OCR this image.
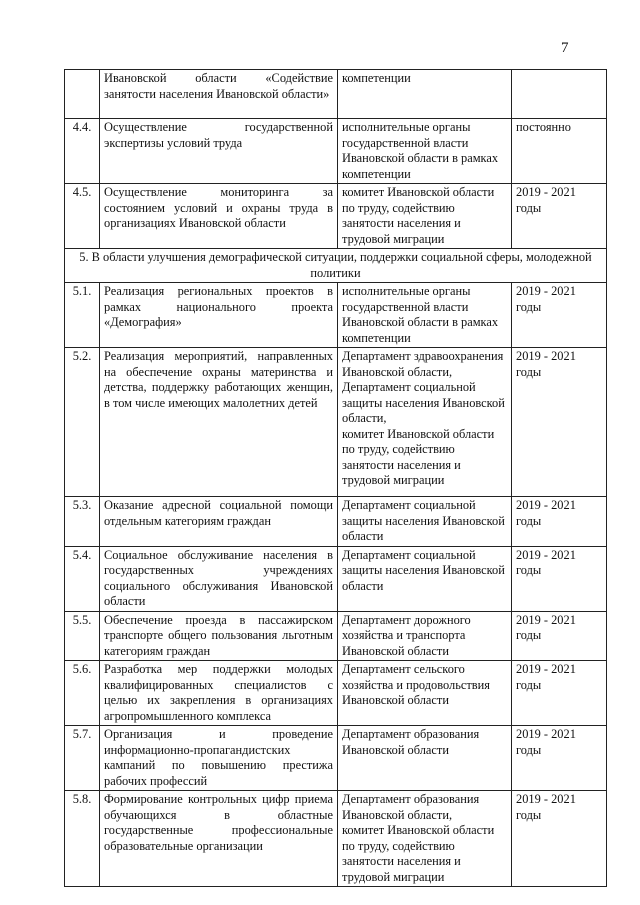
7
	Ивановской области «Содействие занятости населения Ивановской области»	компетенции	
4.4.	Осуществление государственной экспертизы условий труда	исполнительные органы государственной власти Ивановской области в рамках компетенции	постоянно
4.5.	Осуществление мониторинга за состоянием условий и охраны труда в организациях Ивановской области	комитет Ивановской области по труду, содействию занятости населения и трудовой миграции	2019 - 2021 годы
5. В области улучшения демографической ситуации, поддержки социальной сферы, молодежной политики			
5.1.	Реализация региональных проектов в рамках национального проекта «Демография»	исполнительные органы государственной власти Ивановской области в рамках компетенции	2019 - 2021 годы
5.2.	Реализация мероприятий, направленных на обеспечение охраны материнства и детства, поддержку работающих женщин, в том числе имеющих малолетних детей	Департамент здравоохранения Ивановской области,
Департамент социальной защиты населения Ивановской области,
комитет Ивановской области по труду, содействию занятости населения и трудовой миграции	2019 - 2021 годы
5.3.	Оказание адресной социальной помощи отдельным категориям граждан	Департамент социальной защиты населения Ивановской области	2019 - 2021 годы
5.4.	Социальное обслуживание населения в государственных учреждениях социального обслуживания Ивановской области	Департамент социальной защиты населения Ивановской области	2019 - 2021 годы
5.5.	Обеспечение проезда в пассажирском транспорте общего пользования льготным категориям граждан	Департамент дорожного хозяйства и транспорта Ивановской области	2019 - 2021 годы
5.6.	Разработка мер поддержки молодых квалифицированных специалистов с целью их закрепления в организациях агропромышленного комплекса	Департамент сельского хозяйства и продовольствия Ивановской области	2019 - 2021 годы
5.7.	Организация и проведение информационно-пропагандистских кампаний по повышению престижа рабочих профессий	Департамент образования Ивановской области	2019 - 2021 годы
5.8.	Формирование контрольных цифр приема обучающихся в областные государственные профессиональные образовательные организации	Департамент образования Ивановской области,
комитет Ивановской области по труду, содействию занятости населения и трудовой миграции	2019 - 2021 годы
